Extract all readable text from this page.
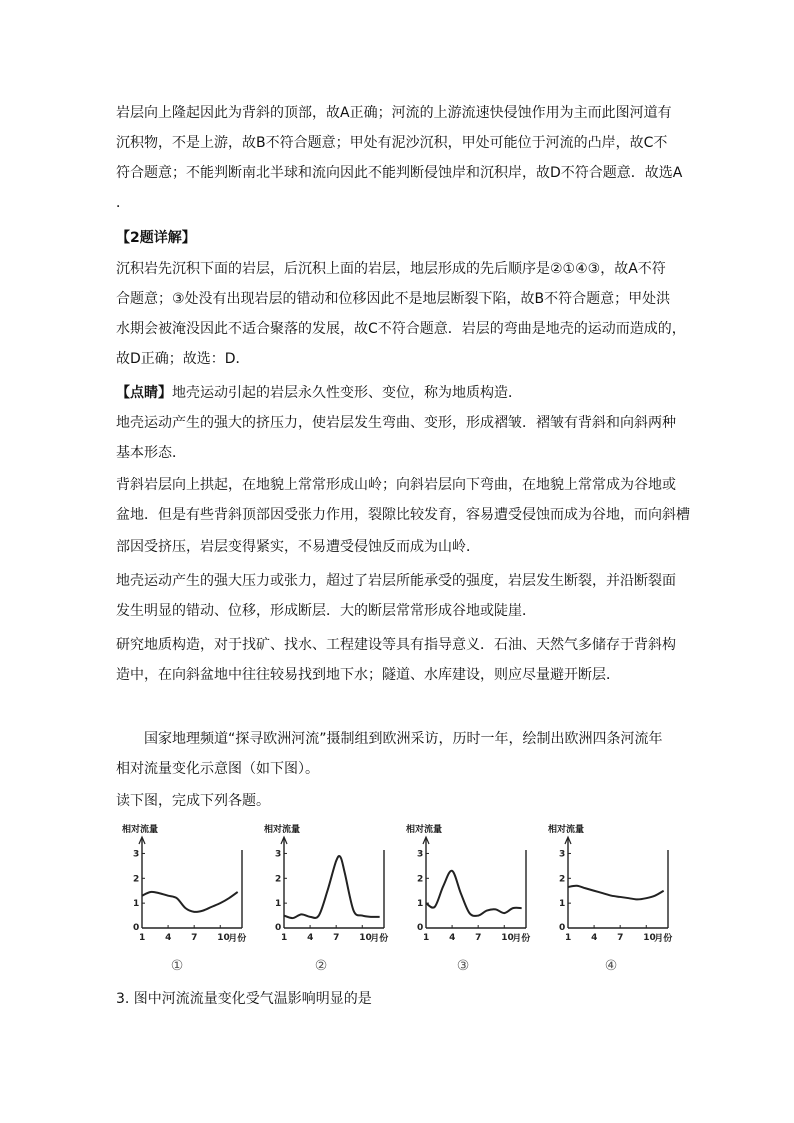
岩层向上隆起因此为背斜的顶部，故A正确；河流的上游流速快侵蚀作用为主而此图河道有
沉积物，不是上游，故B不符合题意；甲处有泥沙沉积，甲处可能位于河流的凸岸，故C不
符合题意；不能判断南北半球和流向因此不能判断侵蚀岸和沉积岸，故D不符合题意．故选A
．
【2题详解】
沉积岩先沉积下面的岩层，后沉积上面的岩层，地层形成的先后顺序是②①④③，故A不符
合题意；③处没有出现岩层的错动和位移因此不是地层断裂下陷，故B不符合题意；甲处洪
水期会被淹没因此不适合聚落的发展，故C不符合题意．岩层的弯曲是地壳的运动而造成的，
故D正确；故选：D．
【点睛】地壳运动引起的岩层永久性变形、变位，称为地质构造．
地壳运动产生的强大的挤压力，使岩层发生弯曲、变形，形成褶皱．褶皱有背斜和向斜两种
基本形态．
背斜岩层向上拱起，在地貌上常常形成山岭；向斜岩层向下弯曲，在地貌上常常成为谷地或
盆地．但是有些背斜顶部因受张力作用，裂隙比较发育，容易遭受侵蚀而成为谷地，而向斜槽
部因受挤压，岩层变得紧实，不易遭受侵蚀反而成为山岭．
地壳运动产生的强大压力或张力，超过了岩层所能承受的强度，岩层发生断裂，并沿断裂面
发生明显的错动、位移，形成断层．大的断层常常形成谷地或陡崖．
研究地质构造，对于找矿、找水、工程建设等具有指导意义．石油、天然气多储存于背斜构
造中，在向斜盆地中往往较易找到地下水；隧道、水库建设，则应尽量避开断层．
国家地理频道“探寻欧洲河流”摄制组到欧洲采访，历时一年，绘制出欧洲四条河流年
相对流量变化示意图（如下图）。
读下图，完成下列各题。
相对流量
1
2
3
0
1 4 7 10
月份
相对流量
1
2
3
0
1 4 7 10
月份
相对流量
1
2
3
0
1 4 7 10
月份
相对流量
1
2
3
0
1 4 7 10
月份
①	②	③	④
3. 图中河流流量变化受气温影响明显的是
